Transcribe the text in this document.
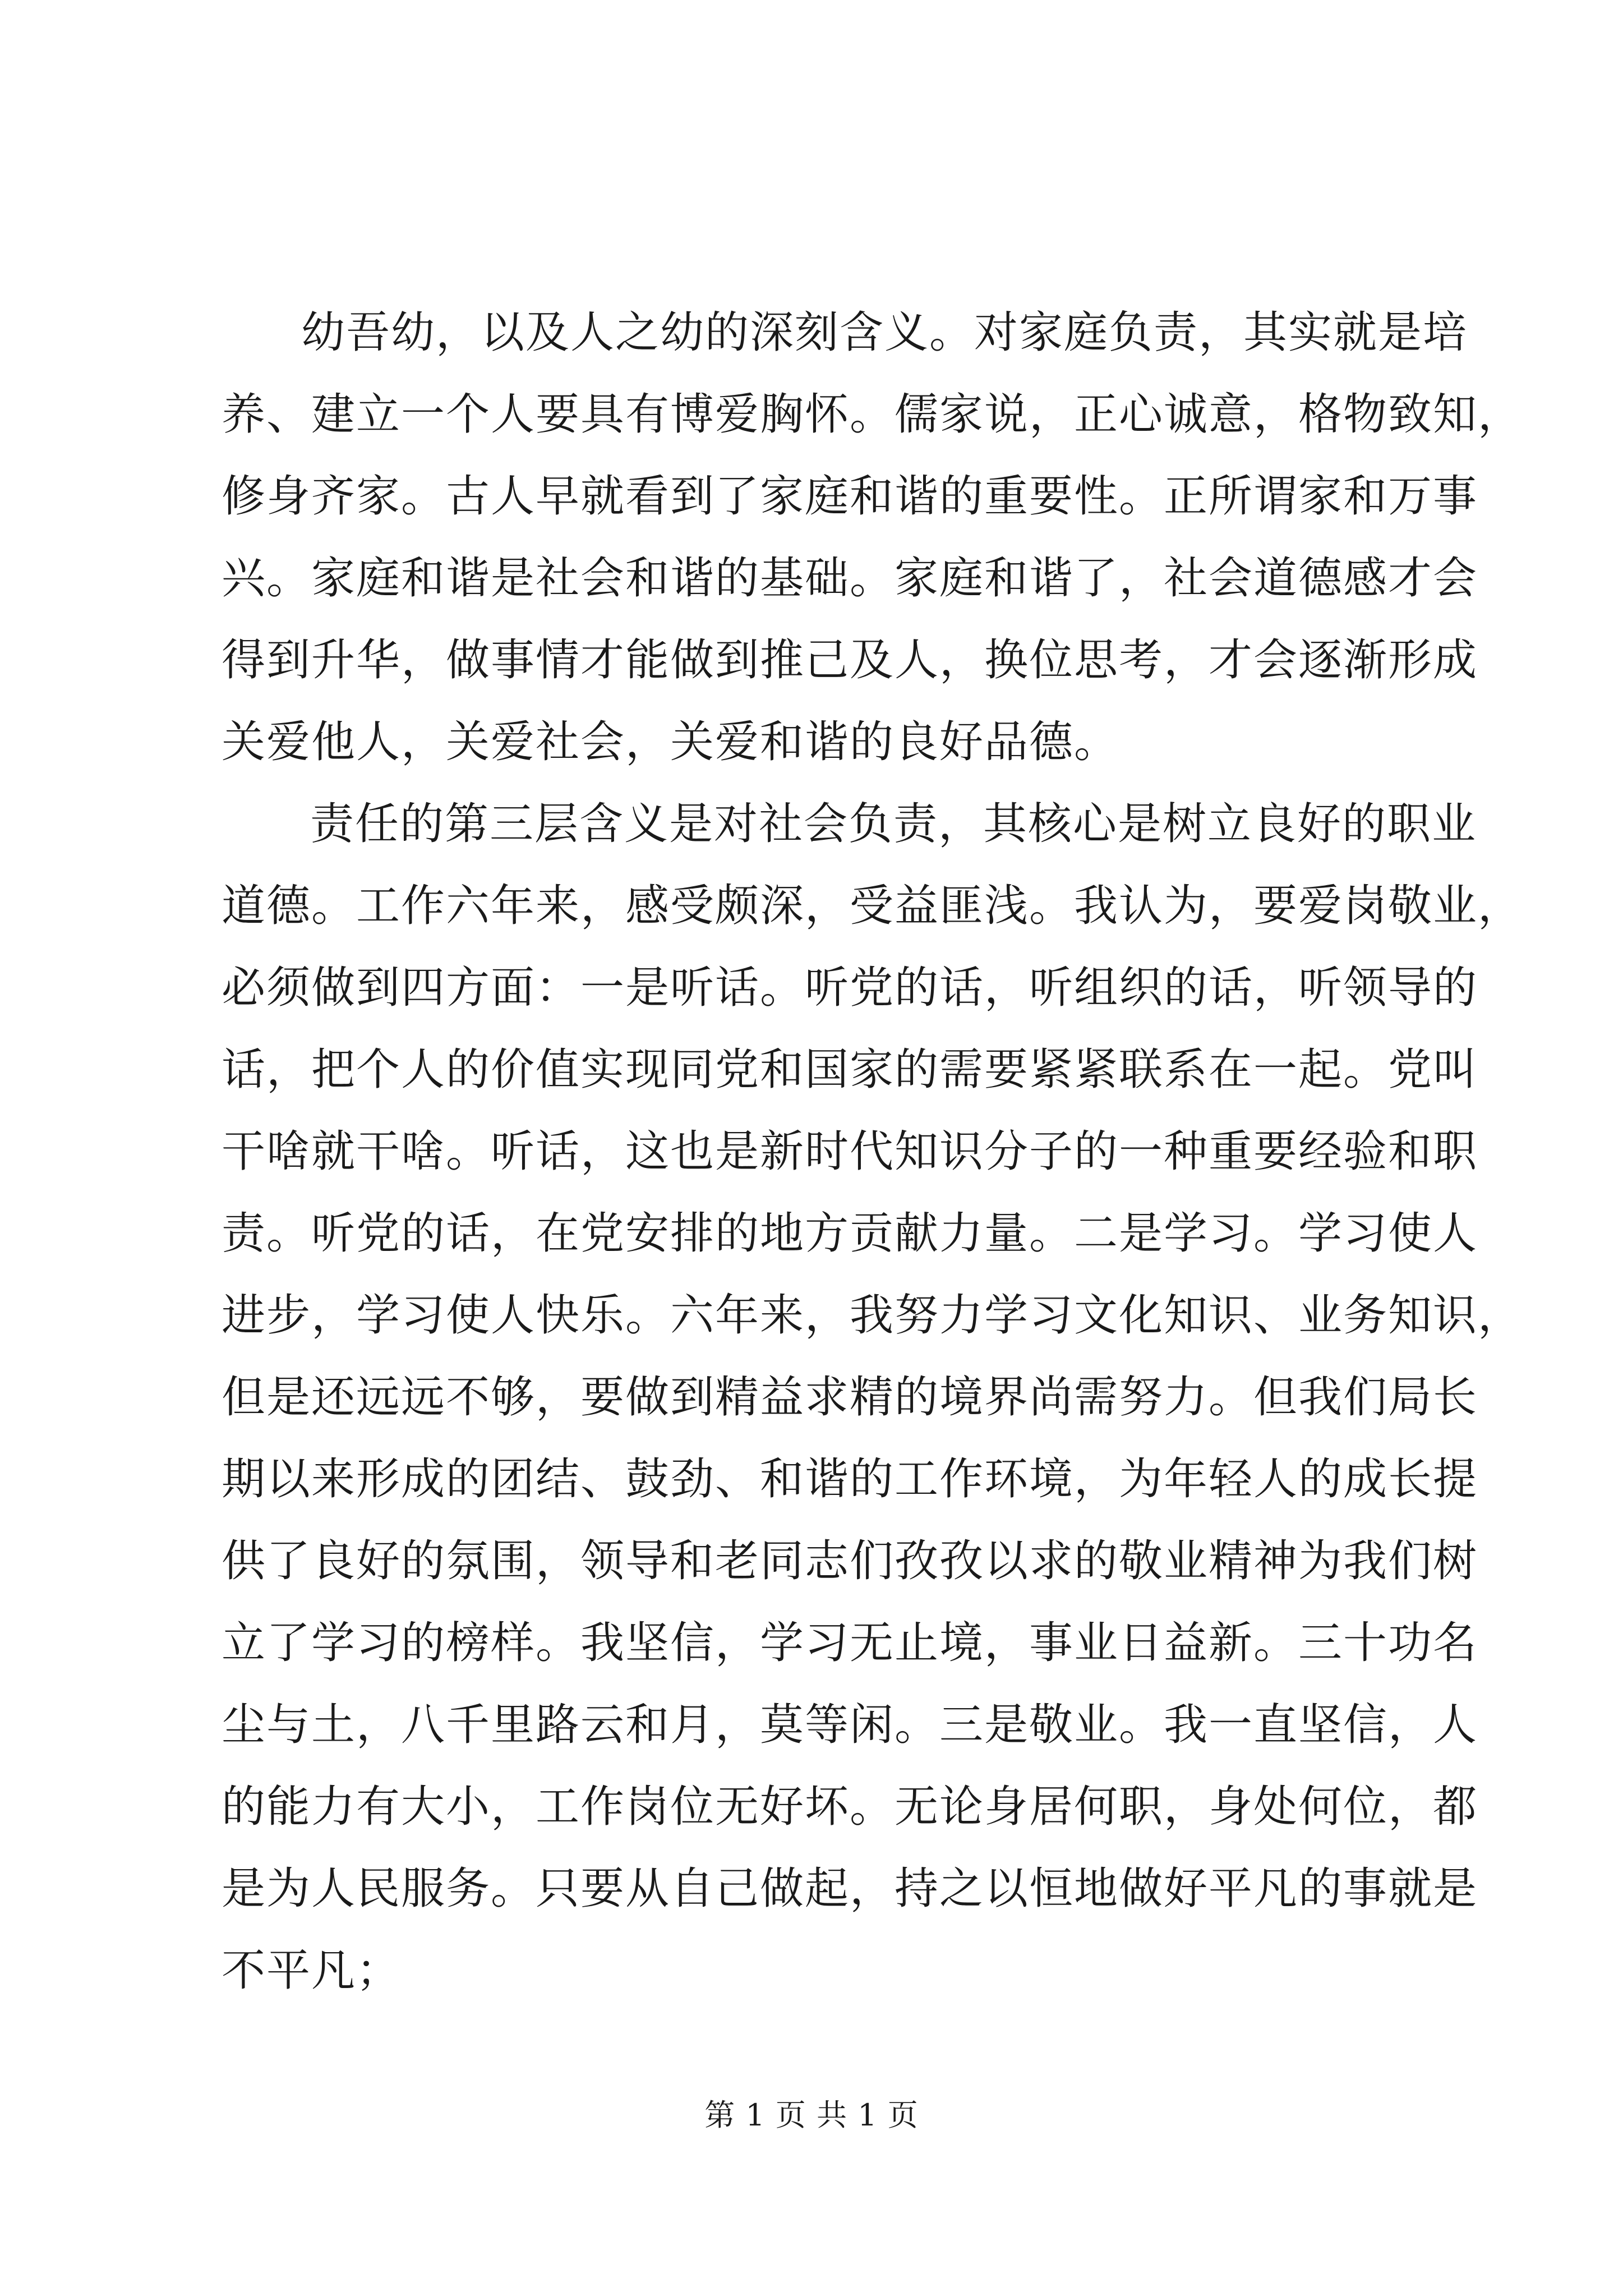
幼吾幼，以及人之幼的深刻含义。对家庭负责，其实就是培
养、建立一个人要具有博爱胸怀。儒家说，正心诚意，格物致知，
修身齐家。古人早就看到了家庭和谐的重要性。正所谓家和万事
兴。家庭和谐是社会和谐的基础。家庭和谐了，社会道德感才会
得到升华，做事情才能做到推己及人，换位思考，才会逐渐形成
关爱他人，关爱社会，关爱和谐的良好品德。
责任的第三层含义是对社会负责，其核心是树立良好的职业
道德。工作六年来，感受颇深，受益匪浅。我认为，要爱岗敬业，
必须做到四方面：一是听话。听党的话，听组织的话，听领导的
话，把个人的价值实现同党和国家的需要紧紧联系在一起。党叫
干啥就干啥。听话，这也是新时代知识分子的一种重要经验和职
责。听党的话，在党安排的地方贡献力量。二是学习。学习使人
进步，学习使人快乐。六年来，我努力学习文化知识、业务知识，
但是还远远不够，要做到精益求精的境界尚需努力。但我们局长
期以来形成的团结、鼓劲、和谐的工作环境，为年轻人的成长提
供了良好的氛围，领导和老同志们孜孜以求的敬业精神为我们树
立了学习的榜样。我坚信，学习无止境，事业日益新。三十功名
尘与土，八千里路云和月，莫等闲。三是敬业。我一直坚信，人
的能力有大小，工作岗位无好坏。无论身居何职，身处何位，都
是为人民服务。只要从自己做起，持之以恒地做好平凡的事就是
不平凡；
第 1 页 共 1 页
